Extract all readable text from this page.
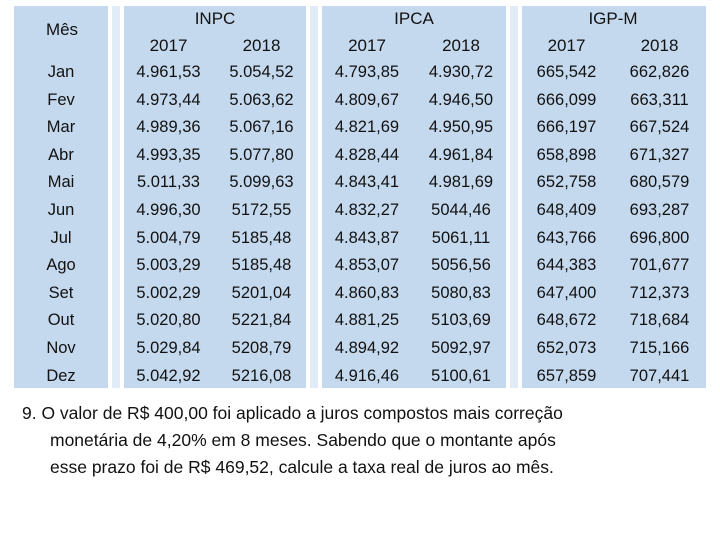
Mês
INPC
2017	2018
IPCA
2017	2018
IGP-M
2017	2018
Jan	4.961,53	5.054,52	4.793,85	4.930,72	665,542	662,826
Fev	4.973,44	5.063,62	4.809,67	4.946,50	666,099	663,311
Mar	4.989,36	5.067,16	4.821,69	4.950,95	666,197	667,524
Abr	4.993,35	5.077,80	4.828,44	4.961,84	658,898	671,327
Mai	5.011,33	5.099,63	4.843,41	4.981,69	652,758	680,579
Jun	4.996,30	5172,55	4.832,27	5044,46	648,409	693,287
Jul	5.004,79	5185,48	4.843,87	5061,11	643,766	696,800
Ago	5.003,29	5185,48	4.853,07	5056,56	644,383	701,677
Set	5.002,29	5201,04	4.860,83	5080,83	647,400	712,373
Out	5.020,80	5221,84	4.881,25	5103,69	648,672	718,684
Nov	5.029,84	5208,79	4.894,92	5092,97	652,073	715,166
Dez	5.042,92	5216,08	4.916,46	5100,61	657,859	707,441
9. O valor de R$ 400,00 foi aplicado a juros compostos mais correção
monetária de 4,20% em 8 meses. Sabendo que o montante após
esse prazo foi de R$ 469,52, calcule a taxa real de juros ao mês.
